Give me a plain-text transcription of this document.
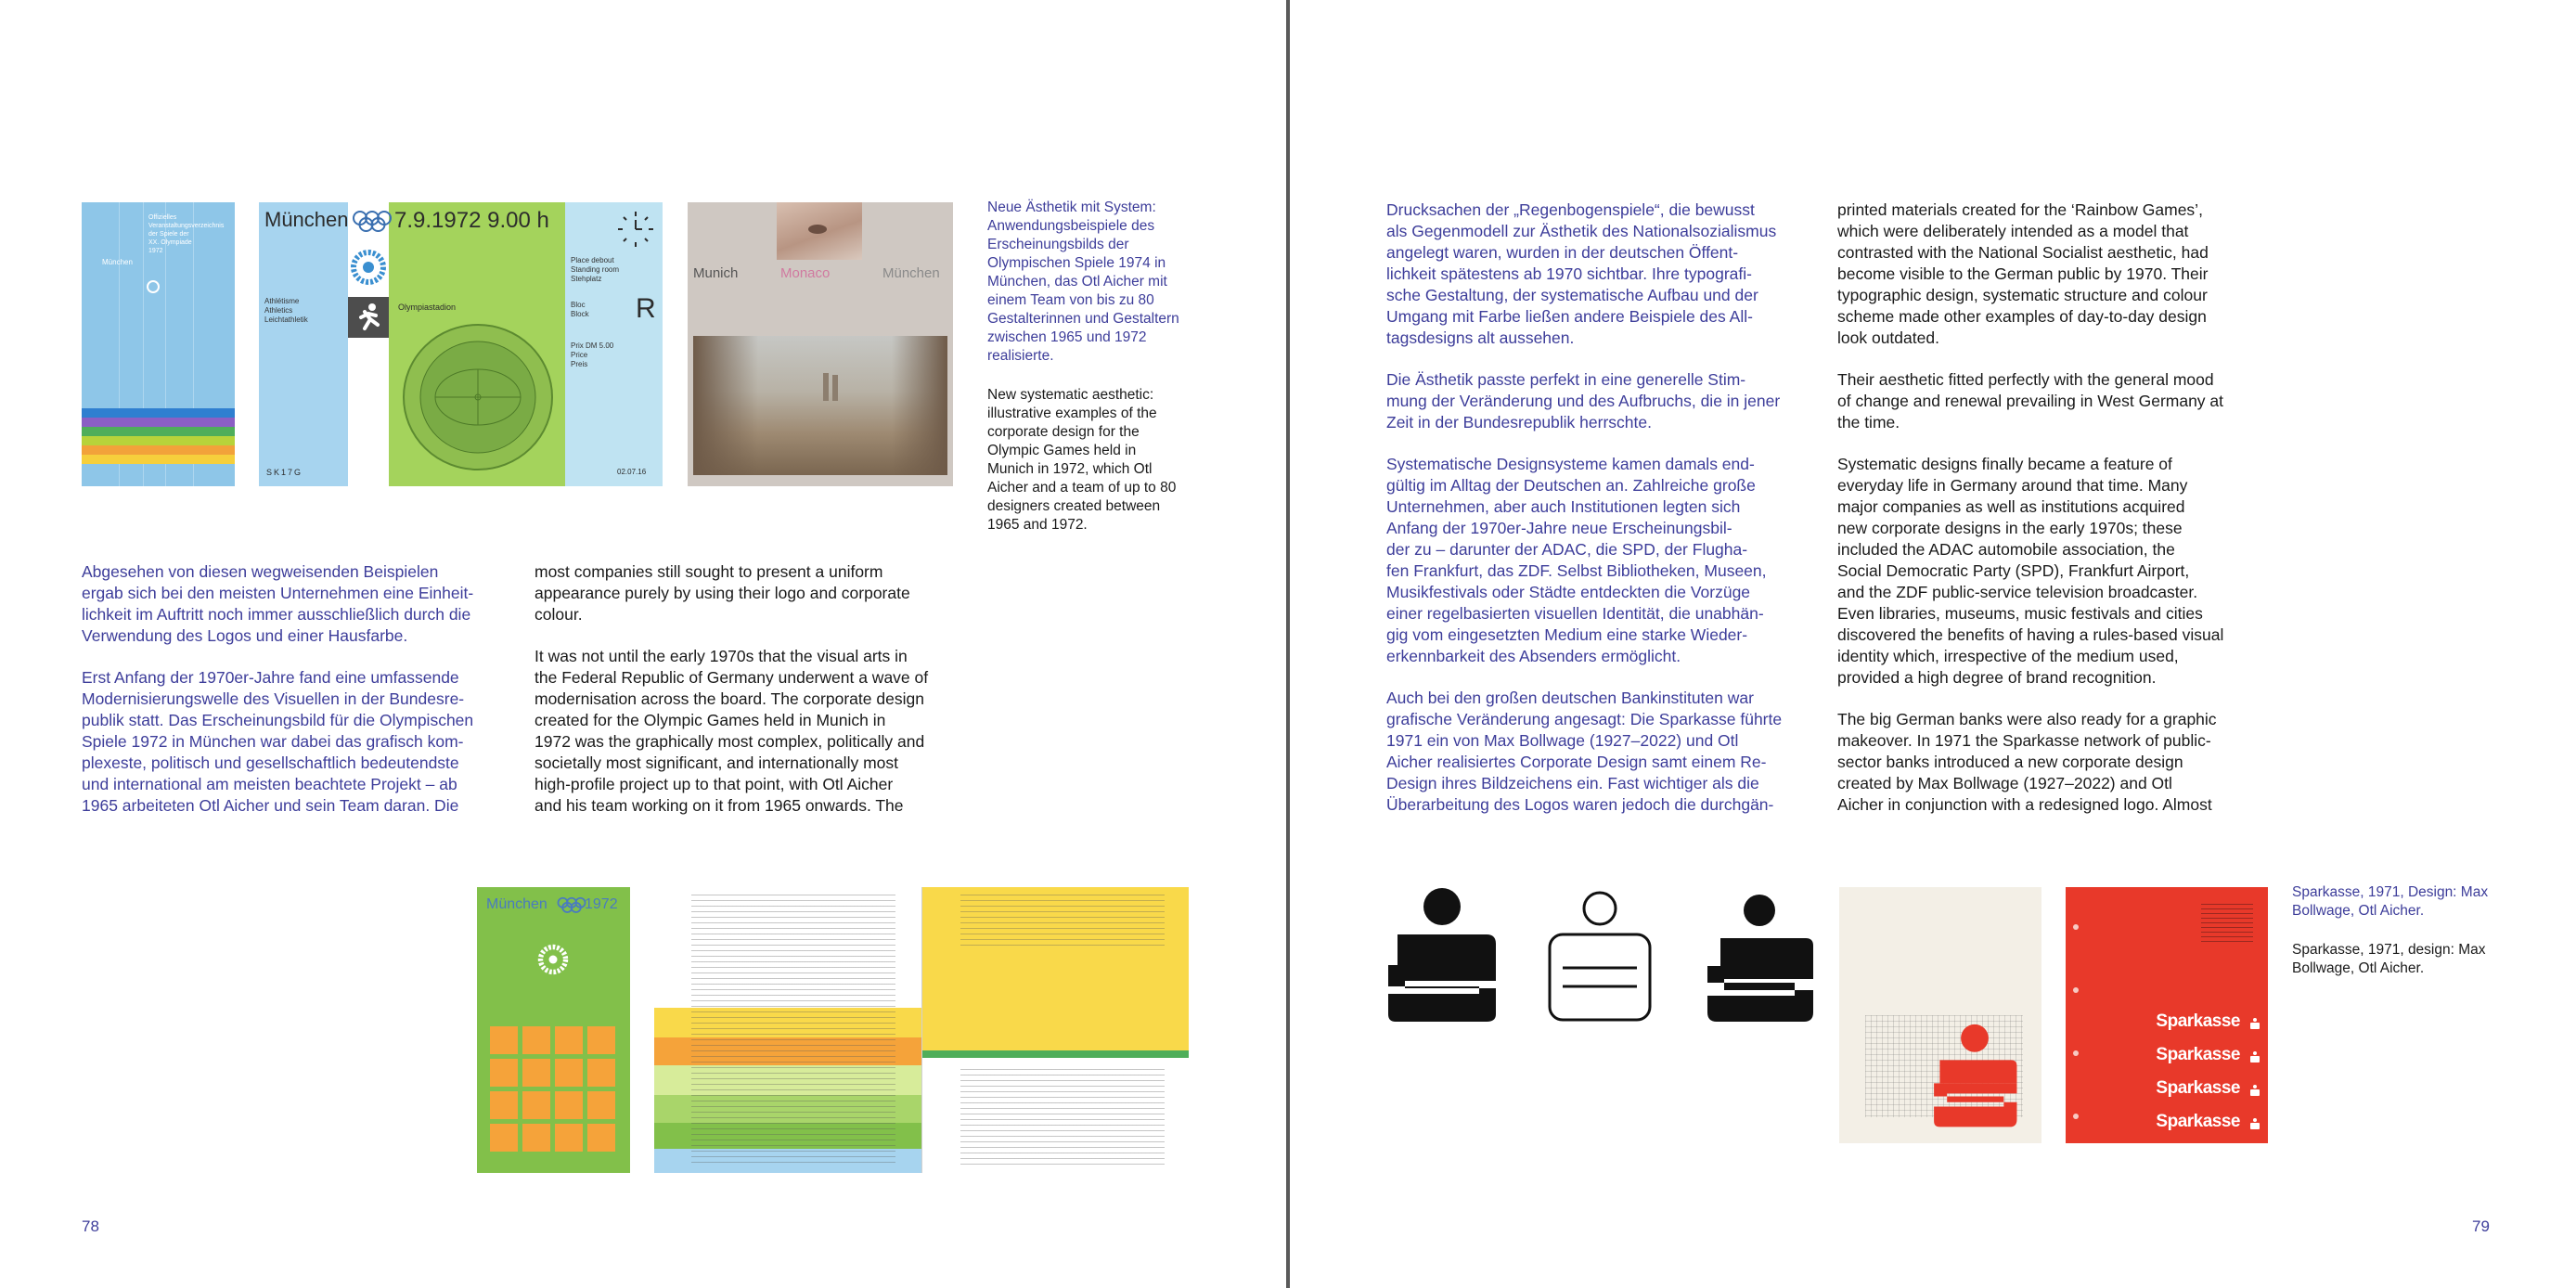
Offizielles
Veranstaltungsverzeichnis
der Spiele der
XX. Olympiade
1972
München
München 7.9.1972 9.00 h
Athlétisme
Athletics
Leichtathletik
Olympiastadion
Place debout
Standing room
Stehplatz
Bloc
Block R
Prix DM 5.00
Price
Preis
SK17G	02.07.16
Munich	Monaco	München

Neue Ästhetik mit System:
Anwendungsbeispiele des
Erscheinungsbilds der
Olympischen Spiele 1974 in
München, das Otl Aicher mit
einem Team von bis zu 80
Gestalterinnen und Gestaltern
zwischen 1965 und 1972
realisierte.

New systematic aesthetic:
illustrative examples of the
corporate design for the
Olympic Games held in
Munich in 1972, which Otl
Aicher and a team of up to 80
designers created between
1965 and 1972.

Abgesehen von diesen wegweisenden Beispielen
ergab sich bei den meisten Unternehmen eine Einheit-
lichkeit im Auftritt noch immer ausschließlich durch die
Verwendung des Logos und einer Hausfarbe.

Erst Anfang der 1970er-Jahre fand eine umfassende
Modernisierungswelle des Visuellen in der Bundesre-
publik statt. Das Erscheinungsbild für die Olympischen
Spiele 1972 in München war dabei das grafisch kom-
plexeste, politisch und gesellschaftlich bedeutendste
und international am meisten beachtete Projekt – ab
1965 arbeiteten Otl Aicher und sein Team daran. Die

most companies still sought to present a uniform
appearance purely by using their logo and corporate
colour.

It was not until the early 1970s that the visual arts in
the Federal Republic of Germany underwent a wave of
modernisation across the board. The corporate design
created for the Olympic Games held in Munich in
1972 was the graphically most complex, politically and
societally most significant, and internationally most
high-profile project up to that point, with Otl Aicher
and his team working on it from 1965 onwards. The

München	1972
78

Drucksachen der „Regenbogenspiele“, die bewusst
als Gegenmodell zur Ästhetik des Nationalsozialismus
angelegt waren, wurden in der deutschen Öffent-
lichkeit spätestens ab 1970 sichtbar. Ihre typografi-
sche Gestaltung, der systematische Aufbau und der
Umgang mit Farbe ließen andere Beispiele des All-
tagsdesigns alt aussehen.

Die Ästhetik passte perfekt in eine generelle Stim-
mung der Veränderung und des Aufbruchs, die in jener
Zeit in der Bundesrepublik herrschte.

Systematische Designsysteme kamen damals end-
gültig im Alltag der Deutschen an. Zahlreiche große
Unternehmen, aber auch Institutionen legten sich
Anfang der 1970er-Jahre neue Erscheinungsbil-
der zu – darunter der ADAC, die SPD, der Flugha-
fen Frankfurt, das ZDF. Selbst Bibliotheken, Museen,
Musikfestivals oder Städte entdeckten die Vorzüge
einer regelbasierten visuellen Identität, die unabhän-
gig vom eingesetzten Medium eine starke Wieder-
erkennbarkeit des Absenders ermöglicht.

Auch bei den großen deutschen Bankinstituten war
grafische Veränderung angesagt: Die Sparkasse führte
1971 ein von Max Bollwage (1927–2022) und Otl
Aicher realisiertes Corporate Design samt einem Re-
Design ihres Bildzeichens ein. Fast wichtiger als die
Überarbeitung des Logos waren jedoch die durchgän-

printed materials created for the ‘Rainbow Games’,
which were deliberately intended as a model that
contrasted with the National Socialist aesthetic, had
become visible to the German public by 1970. Their
typographic design, systematic structure and colour
scheme made other examples of day-to-day design
look outdated.

Their aesthetic fitted perfectly with the general mood
of change and renewal prevailing in West Germany at
the time.

Systematic designs finally became a feature of
everyday life in Germany around that time. Many
major companies as well as institutions acquired
new corporate designs in the early 1970s; these
included the ADAC automobile association, the
Social Democratic Party (SPD), Frankfurt Airport,
and the ZDF public-service television broadcaster.
Even libraries, museums, music festivals and cities
discovered the benefits of having a rules-based visual
identity which, irrespective of the medium used,
provided a high degree of brand recognition.

The big German banks were also ready for a graphic
makeover. In 1971 the Sparkasse network of public-
sector banks introduced a new corporate design
created by Max Bollwage (1927–2022) and Otl
Aicher in conjunction with a redesigned logo. Almost

Sparkasse
Sparkasse
Sparkasse
Sparkasse

Sparkasse, 1971, Design: Max
Bollwage, Otl Aicher.

Sparkasse, 1971, design: Max
Bollwage, Otl Aicher.

79
